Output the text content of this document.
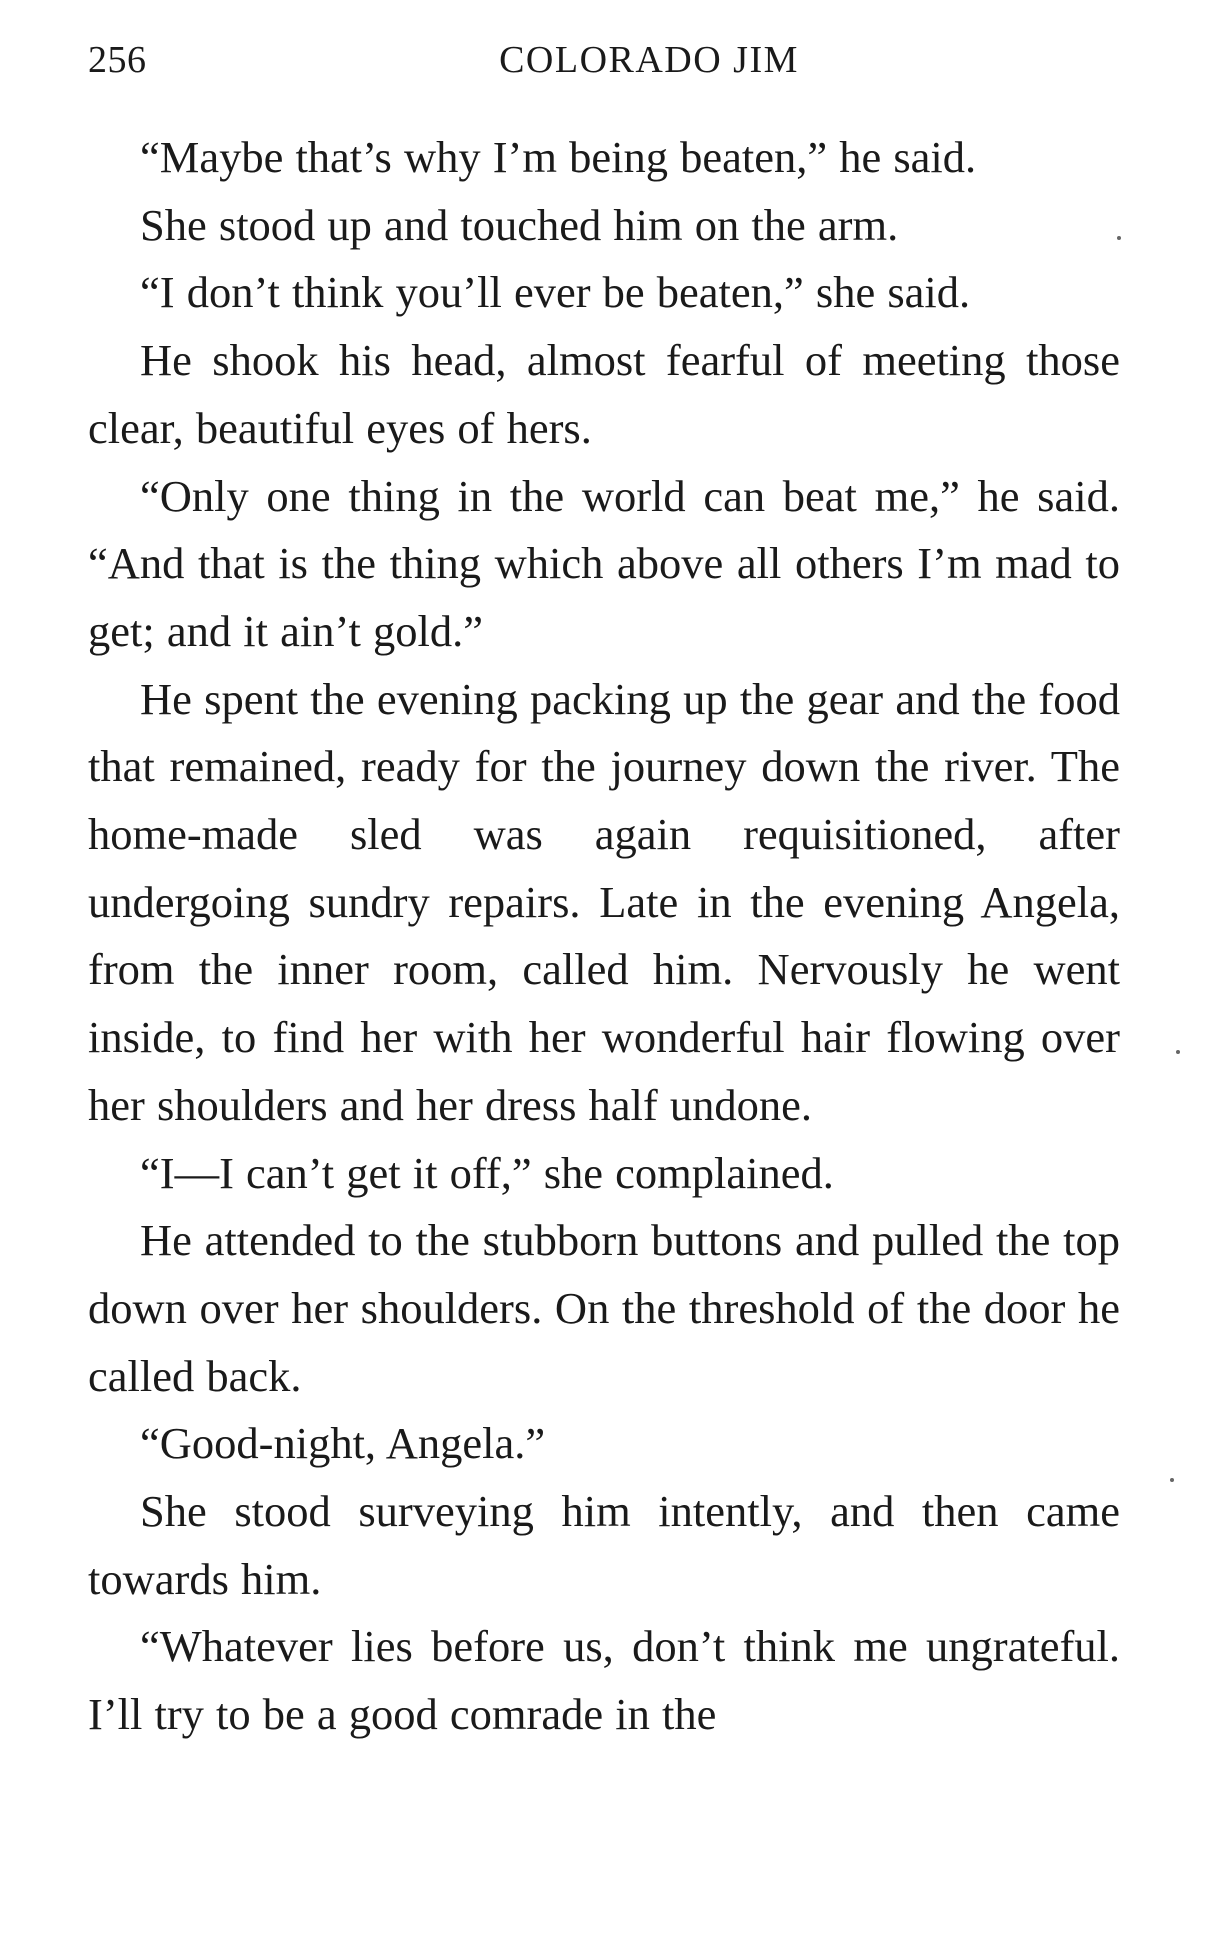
256	COLORADO JIM

“Maybe that’s why I’m being beaten,” he said.

She stood up and touched him on the arm.

“I don’t think you’ll ever be beaten,” she said.

He shook his head, almost fearful of meeting those clear, beautiful eyes of hers.

“Only one thing in the world can beat me,” he said. “And that is the thing which above all others I’m mad to get; and it ain’t gold.”

He spent the evening packing up the gear and the food that remained, ready for the journey down the river. The home-made sled was again requisitioned, after undergoing sundry repairs. Late in the evening Angela, from the inner room, called him. Nervously he went inside, to find her with her wonderful hair flowing over her shoulders and her dress half undone.

“I—I can’t get it off,” she complained.

He attended to the stubborn buttons and pulled the top down over her shoulders. On the threshold of the door he called back.

“Good-night, Angela.”

She stood surveying him intently, and then came towards him.

“Whatever lies before us, don’t think me ungrateful. I’ll try to be a good comrade in the
